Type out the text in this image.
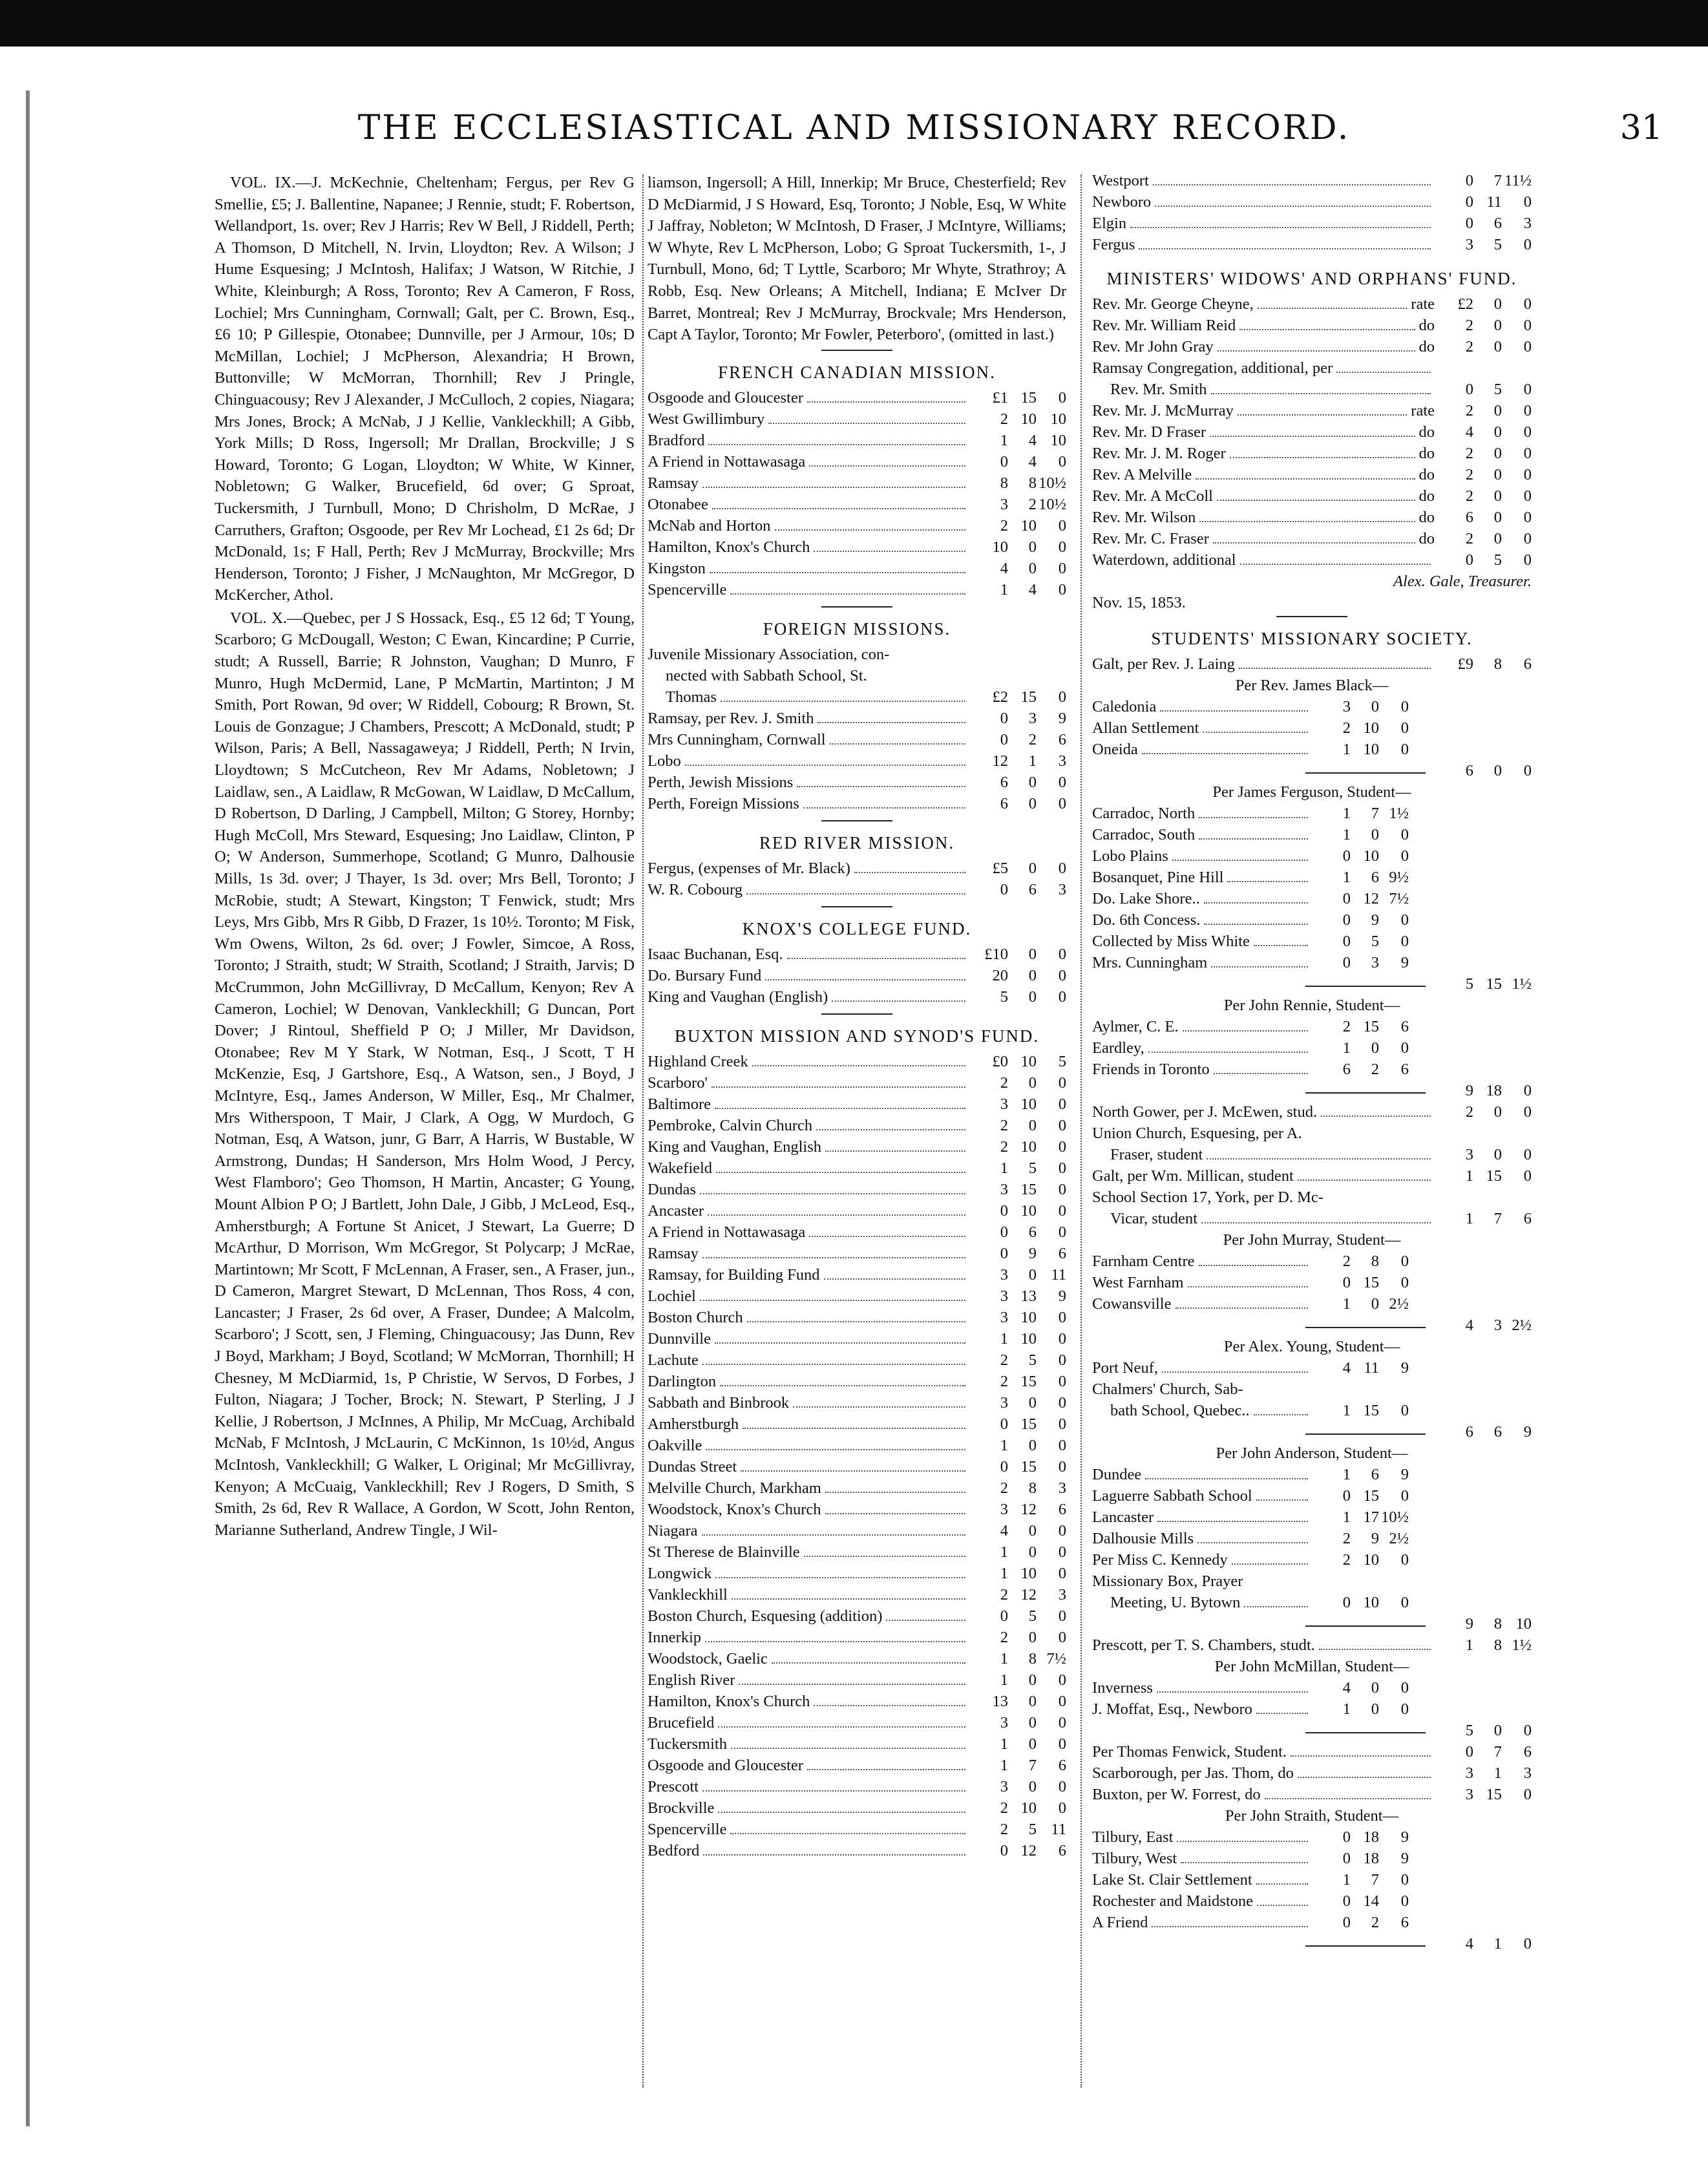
THE ECCLESIASTICAL AND MISSIONARY RECORD.	31

VOL. IX.—J. McKechnie, Cheltenham; Fergus, per Rev G Smellie, £5; J. Ballentine, Napanee; J Rennie, studt; F. Robertson, Wellandport, 1s. over; Rev J Harris; Rev W Bell, J Riddell, Perth; A Thomson, D Mitchell, N. Irvin, Lloydton; Rev. A Wilson; J Hume Esquesing; J McIntosh, Halifax; J Watson, W Ritchie, J White, Kleinburgh; A Ross, Toronto; Rev A Cameron, F Ross, Lochiel; Mrs Cunningham, Cornwall; Galt, per C. Brown, Esq., £6 10; P Gillespie, Otonabee; Dunnville, per J Armour, 10s; D McMillan, Lochiel; J McPherson, Alexandria; H Brown, Buttonville; W McMorran, Thornhill; Rev J Pringle, Chinguacousy; Rev J Alexander, J McCulloch, 2 copies, Niagara; Mrs Jones, Brock; A McNab, J J Kellie, Vankleckhill; A Gibb, York Mills; D Ross, Ingersoll; Mr Drallan, Brockville; J S Howard, Toronto; G Logan, Lloydton; W White, W Kinner, Nobletown; G Walker, Brucefield, 6d over; G Sproat, Tuckersmith, J Turnbull, Mono; D Chrisholm, D McRae, J Carruthers, Grafton; Osgoode, per Rev Mr Lochead, £1 2s 6d; Dr McDonald, 1s; F Hall, Perth; Rev J McMurray, Brockville; Mrs Henderson, Toronto; J Fisher, J McNaughton, Mr McGregor, D McKercher, Athol.

VOL. X.—Quebec, per J S Hossack, Esq., £5 12 6d; T Young, Scarboro; G McDougall, Weston; C Ewan, Kincardine; P Currie, studt; A Russell, Barrie; R Johnston, Vaughan; D Munro, F Munro, Hugh McDermid, Lane, P McMartin, Martinton; J M Smith, Port Rowan, 9d over; W Riddell, Cobourg; R Brown, St. Louis de Gonzague; J Chambers, Prescott; A McDonald, studt; P Wilson, Paris; A Bell, Nassagaweya; J Riddell, Perth; N Irvin, Lloydtown; S McCutcheon, Rev Mr Adams, Nobletown; J Laidlaw, sen., A Laidlaw, R McGowan, W Laidlaw, D McCallum, D Robertson, D Darling, J Campbell, Milton; G Storey, Hornby; Hugh McColl, Mrs Steward, Esquesing; Jno Laidlaw, Clinton, P O; W Anderson, Summerhope, Scotland; G Munro, Dalhousie Mills, 1s 3d. over; J Thayer, 1s 3d. over; Mrs Bell, Toronto; J McRobie, studt; A Stewart, Kingston; T Fenwick, studt; Mrs Leys, Mrs Gibb, Mrs R Gibb, D Frazer, 1s 10½. Toronto; M Fisk, Wm Owens, Wilton, 2s 6d. over; J Fowler, Simcoe, A Ross, Toronto; J Straith, studt; W Straith, Scotland; J Straith, Jarvis; D McCrummon, John McGillivray, D McCallum, Kenyon; Rev A Cameron, Lochiel; W Denovan, Vankleckhill; G Duncan, Port Dover; J Rintoul, Sheffield P O; J Miller, Mr Davidson, Otonabee; Rev M Y Stark, W Notman, Esq., J Scott, T H McKenzie, Esq, J Gartshore, Esq., A Watson, sen., J Boyd, J McIntyre, Esq., James Anderson, W Miller, Esq., Mr Chalmer, Mrs Witherspoon, T Mair, J Clark, A Ogg, W Murdoch, G Notman, Esq, A Watson, junr, G Barr, A Harris, W Bustable, W Armstrong, Dundas; H Sanderson, Mrs Holm Wood, J Percy, West Flamboro'; Geo Thomson, H Martin, Ancaster; G Young, Mount Albion P O; J Bartlett, John Dale, J Gibb, J McLeod, Esq., Amherstburgh; A Fortune St Anicet, J Stewart, La Guerre; D McArthur, D Morrison, Wm McGregor, St Polycarp; J McRae, Martintown; Mr Scott, F McLennan, A Fraser, sen., A Fraser, jun., D Cameron, Margret Stewart, D McLennan, Thos Ross, 4 con, Lancaster; J Fraser, 2s 6d over, A Fraser, Dundee; A Malcolm, Scarboro'; J Scott, sen, J Fleming, Chinguacousy; Jas Dunn, Rev J Boyd, Markham; J Boyd, Scotland; W McMorran, Thornhill; H Chesney, M McDiarmid, 1s, P Christie, W Servos, D Forbes, J Fulton, Niagara; J Tocher, Brock; N. Stewart, P Sterling, J J Kellie, J Robertson, J McInnes, A Philip, Mr McCuag, Archibald McNab, F McIntosh, J McLaurin, C McKinnon, 1s 10½d, Angus McIntosh, Vankleckhill; G Walker, L Original; Mr McGillivray, Kenyon; A McCuaig, Vankleckhill; Rev J Rogers, D Smith, S Smith, 2s 6d, Rev R Wallace, A Gordon, W Scott, John Renton, Marianne Sutherland, Andrew Tingle, J Wil-

liamson, Ingersoll; A Hill, Innerkip; Mr Bruce, Chesterfield; Rev D McDiarmid, J S Howard, Esq, Toronto; J Noble, Esq, W White J Jaffray, Nobleton; W McIntosh, D Fraser, J McIntyre, Williams; W Whyte, Rev L McPherson, Lobo; G Sproat Tuckersmith, 1-, J Turnbull, Mono, 6d; T Lyttle, Scarboro; Mr Whyte, Strathroy; A Robb, Esq. New Orleans; A Mitchell, Indiana; E McIver Dr Barret, Montreal; Rev J McMurray, Brockvale; Mrs Henderson, Capt A Taylor, Toronto; Mr Fowler, Peterboro', (omitted in last.)

FRENCH CANADIAN MISSION.
Osgoode and Gloucester	£1 15	0
West Gwillimbury	2 10 10
Bradford	1	4 10
A Friend in Nottawasaga	0	4	0
Ramsay	8	8 10½
Otonabee	3	2 10½
McNab and Horton	2 10	0
Hamilton, Knox's Church	10	0	0
Kingston	4	0	0
Spencerville	1	4	0
FOREIGN MISSIONS.
Juvenile Missionary Association, con-
nected with Sabbath School, St.
Thomas	£2 15	0
Ramsay, per Rev. J. Smith	0	3	9
Mrs Cunningham, Cornwall	0	2	6
Lobo	12	1	3
Perth, Jewish Missions	6	0	0
Perth, Foreign Missions	6	0	0
RED RIVER MISSION.
Fergus, (expenses of Mr. Black)	£5	0	0
W. R. Cobourg	0	6	3
KNOX'S COLLEGE FUND.
Isaac Buchanan, Esq.	£10	0	0
Do. Bursary Fund	20	0	0
King and Vaughan (English)	5	0	0
BUXTON MISSION AND SYNOD'S FUND.
Highland Creek	£0 10	5
Scarboro'	2	0	0
Baltimore	3 10	0
Pembroke, Calvin Church	2	0	0
King and Vaughan, English	2 10	0
Wakefield	1	5	0
Dundas	3 15	0
Ancaster	0 10	0
A Friend in Nottawasaga	0	6	0
Ramsay	0	9	6
Ramsay, for Building Fund	3	0 11
Lochiel	3 13	9
Boston Church	3 10	0
Dunnville	1 10	0
Lachute	2	5	0
Darlington	2 15	0
Sabbath and Binbrook	3	0	0
Amherstburgh	0 15	0
Oakville	1	0	0
Dundas Street	0 15	0
Melville Church, Markham	2	8	3
Woodstock, Knox's Church	3 12	6
Niagara	4	0	0
St Therese de Blainville	1	0	0
Longwick	1 10	0
Vankleckhill	2 12	3
Boston Church, Esquesing (addition)	0	5	0
Innerkip	2	0	0
Woodstock, Gaelic	1	8 7½
English River	1	0	0
Hamilton, Knox's Church	13	0	0
Brucefield	3	0	0
Tuckersmith	1	0	0
Osgoode and Gloucester	1	7	6
Prescott	3	0	0
Brockville	2 10	0
Spencerville	2	5 11
Bedford	0 12	6
Westport	0	7 11½
Newboro	0 11	0
Elgin	0	6	3
Fergus	3	5	0
MINISTERS' WIDOWS' AND ORPHANS' FUND.
Rev. Mr. George Cheyne,	rate	£2	0	0
Rev. Mr. William Reid	do	2	0	0
Rev. Mr John Gray	do	2	0	0
Ramsay Congregation, additional, per
Rev. Mr. Smith	0	5	0
Rev. Mr. J. McMurray	rate	2	0	0
Rev. Mr. D Fraser	do	4	0	0
Rev. Mr. J. M. Roger	do	2	0	0
Rev. A Melville	do	2	0	0
Rev. Mr. A McColl	do	2	0	0
Rev. Mr. Wilson	do	6	0	0
Rev. Mr. C. Fraser	do	2	0	0
Waterdown, additional	0	5	0
Alex. Gale, Treasurer.
Nov. 15, 1853.
STUDENTS' MISSIONARY SOCIETY.
Galt, per Rev. J. Laing	£9	8	6
Per Rev. James Black—
Caledonia	3	0	0
Allan Settlement	2 10	0
Oneida	1 10	0
6	0	0
Per James Ferguson, Student—
Carradoc, North	1	7 1½
Carradoc, South	1	0	0
Lobo Plains	0 10	0
Bosanquet, Pine Hill	1	6 9½
Do. Lake Shore..	0 12 7½
Do. 6th Concess.	0	9	0
Collected by Miss White	0	5	0
Mrs. Cunningham	0	3	9
5 15 1½
Per John Rennie, Student—
Aylmer, C. E.	2 15	6
Eardley,	1	0	0
Friends in Toronto	6	2	6
9 18	0
North Gower, per J. McEwen, stud.	2	0	0
Union Church, Esquesing, per A.
Fraser, student	3	0	0
Galt, per Wm. Millican, student	1 15	0
School Section 17, York, per D. Mc-
Vicar, student	1	7	6
Per John Murray, Student—
Farnham Centre	2	8	0
West Farnham	0 15	0
Cowansville	1	0 2½
4	3 2½
Per Alex. Young, Student—
Port Neuf,	4 11	9
Chalmers' Church, Sab-
bath School, Quebec..	1 15	0
6	6	9
Per John Anderson, Student—
Dundee	1	6	9
Laguerre Sabbath School	0 15	0
Lancaster	1 17 10½
Dalhousie Mills	2	9 2½
Per Miss C. Kennedy	2 10	0
Missionary Box, Prayer
Meeting, U. Bytown	0 10	0
9	8 10
Prescott, per T. S. Chambers, studt.	1	8 1½
Per John McMillan, Student—
Inverness	4	0	0
J. Moffat, Esq., Newboro	1	0	0
5	0	0
Per Thomas Fenwick, Student.	0	7	6
Scarborough, per Jas. Thom, do	3	1	3
Buxton, per W. Forrest, do	3 15	0
Per John Straith, Student—
Tilbury, East	0 18	9
Tilbury, West	0 18	9
Lake St. Clair Settlement	1	7	0
Rochester and Maidstone	0 14	0
A Friend	0	2	6
4	1	0
